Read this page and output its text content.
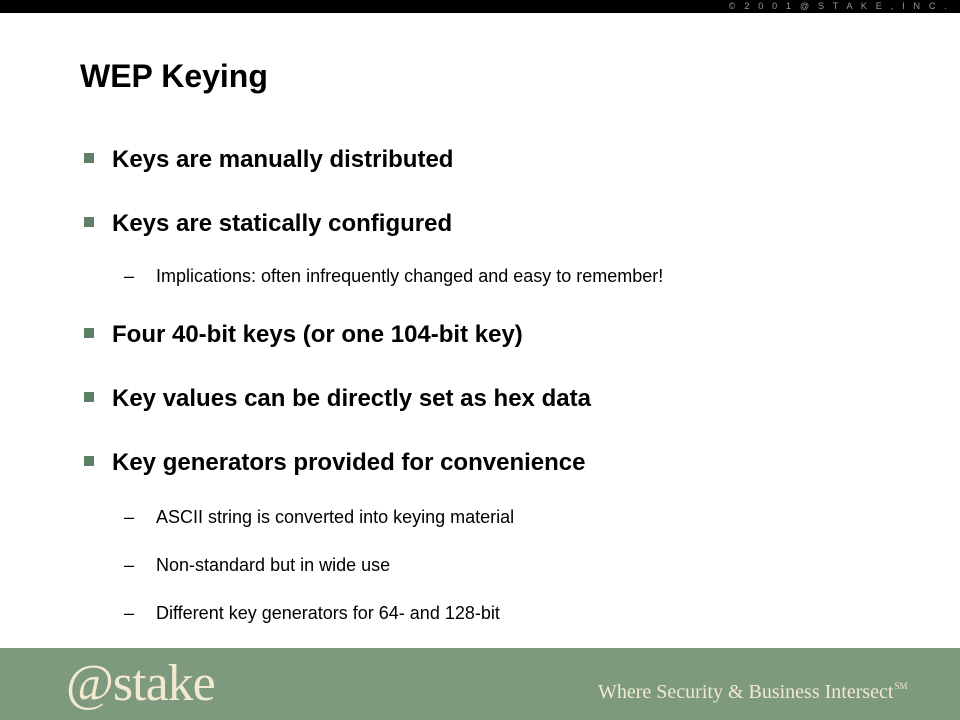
© 2 0 0 1 @ S T A K E , I N C .
WEP Keying
Keys are manually distributed
Keys are statically configured
– Implications: often infrequently changed and easy to remember!
Four 40-bit keys (or one 104-bit key)
Key values can be directly set as hex data
Key generators provided for convenience
– ASCII string is converted into keying material
– Non-standard but in wide use
– Different key generators for 64- and 128-bit
@stake	Where Security & Business Intersect℠
